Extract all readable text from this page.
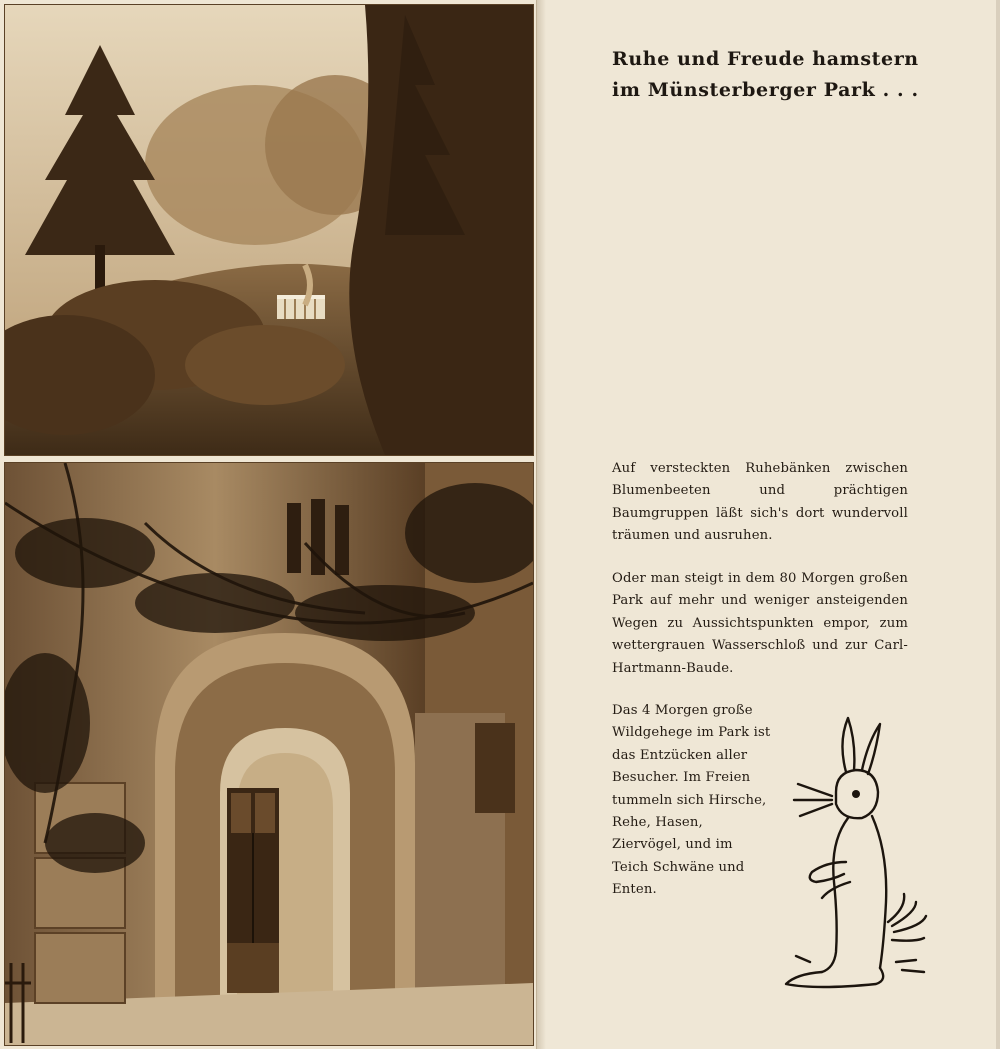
Ruhe und Freude hamstern
im Münsterberger Park . . .

Auf versteckten Ruhebänken zwischen Blumenbeeten und prächtigen Baumgruppen läßt sich's dort wundervoll träumen und ausruhen.

Oder man steigt in dem 80 Morgen großen Park auf mehr und weniger ansteigenden Wegen zu Aussichtspunkten empor, zum wettergrauen Wasserschloß und zur Carl-Hartmann-Baude.

Das 4 Morgen große Wildgehege im Park ist das Entzücken aller Besucher. Im Freien tummeln sich Hirsche, Rehe, Hasen, Ziervögel, und im Teich Schwäne und Enten.
